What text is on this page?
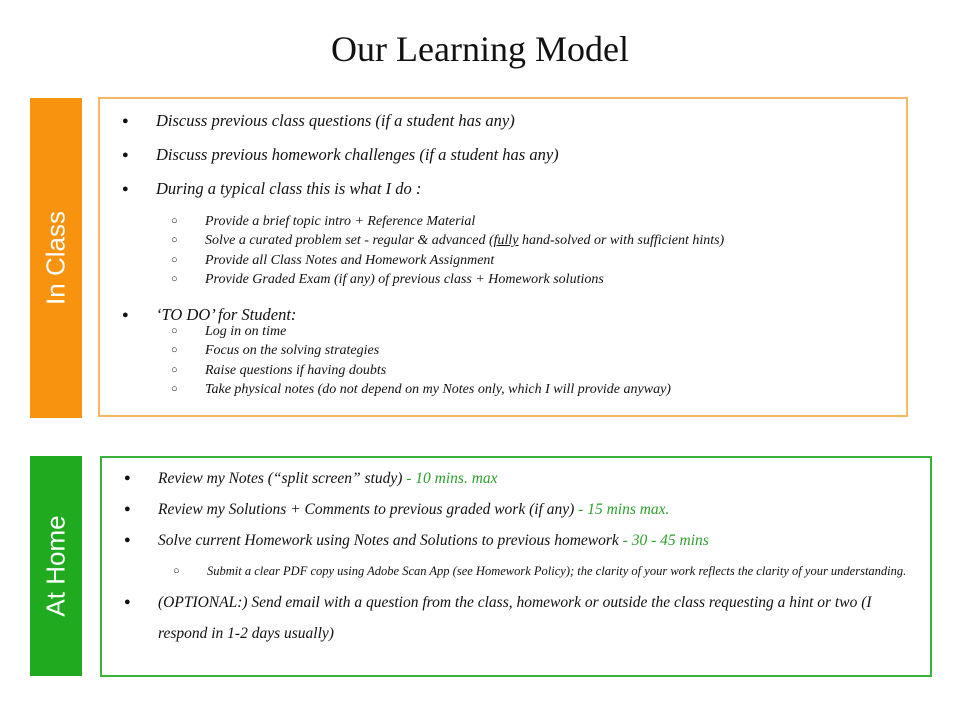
Our Learning Model
In Class
● Discuss previous class questions (if a student has any)
● Discuss previous homework challenges (if a student has any)
● During a typical class this is what I do :
○ Provide a brief topic intro + Reference Material
○ Solve a curated problem set - regular & advanced (fully hand-solved or with sufficient hints)
○ Provide all Class Notes and Homework Assignment
○ Provide Graded Exam (if any) of previous class + Homework solutions
● ‘TO DO’ for Student:
○ Log in on time
○ Focus on the solving strategies
○ Raise questions if having doubts
○ Take physical notes (do not depend on my Notes only, which I will provide anyway)
At Home
● Review my Notes (“split screen” study) - 10 mins. max
● Review my Solutions + Comments to previous graded work (if any) - 15 mins max.
● Solve current Homework using Notes and Solutions to previous homework - 30 - 45 mins
○ Submit a clear PDF copy using Adobe Scan App (see Homework Policy); the clarity of your work reflects the clarity of your understanding.
● (OPTIONAL:) Send email with a question from the class, homework or outside the class requesting a hint or two (I respond in 1-2 days usually)
